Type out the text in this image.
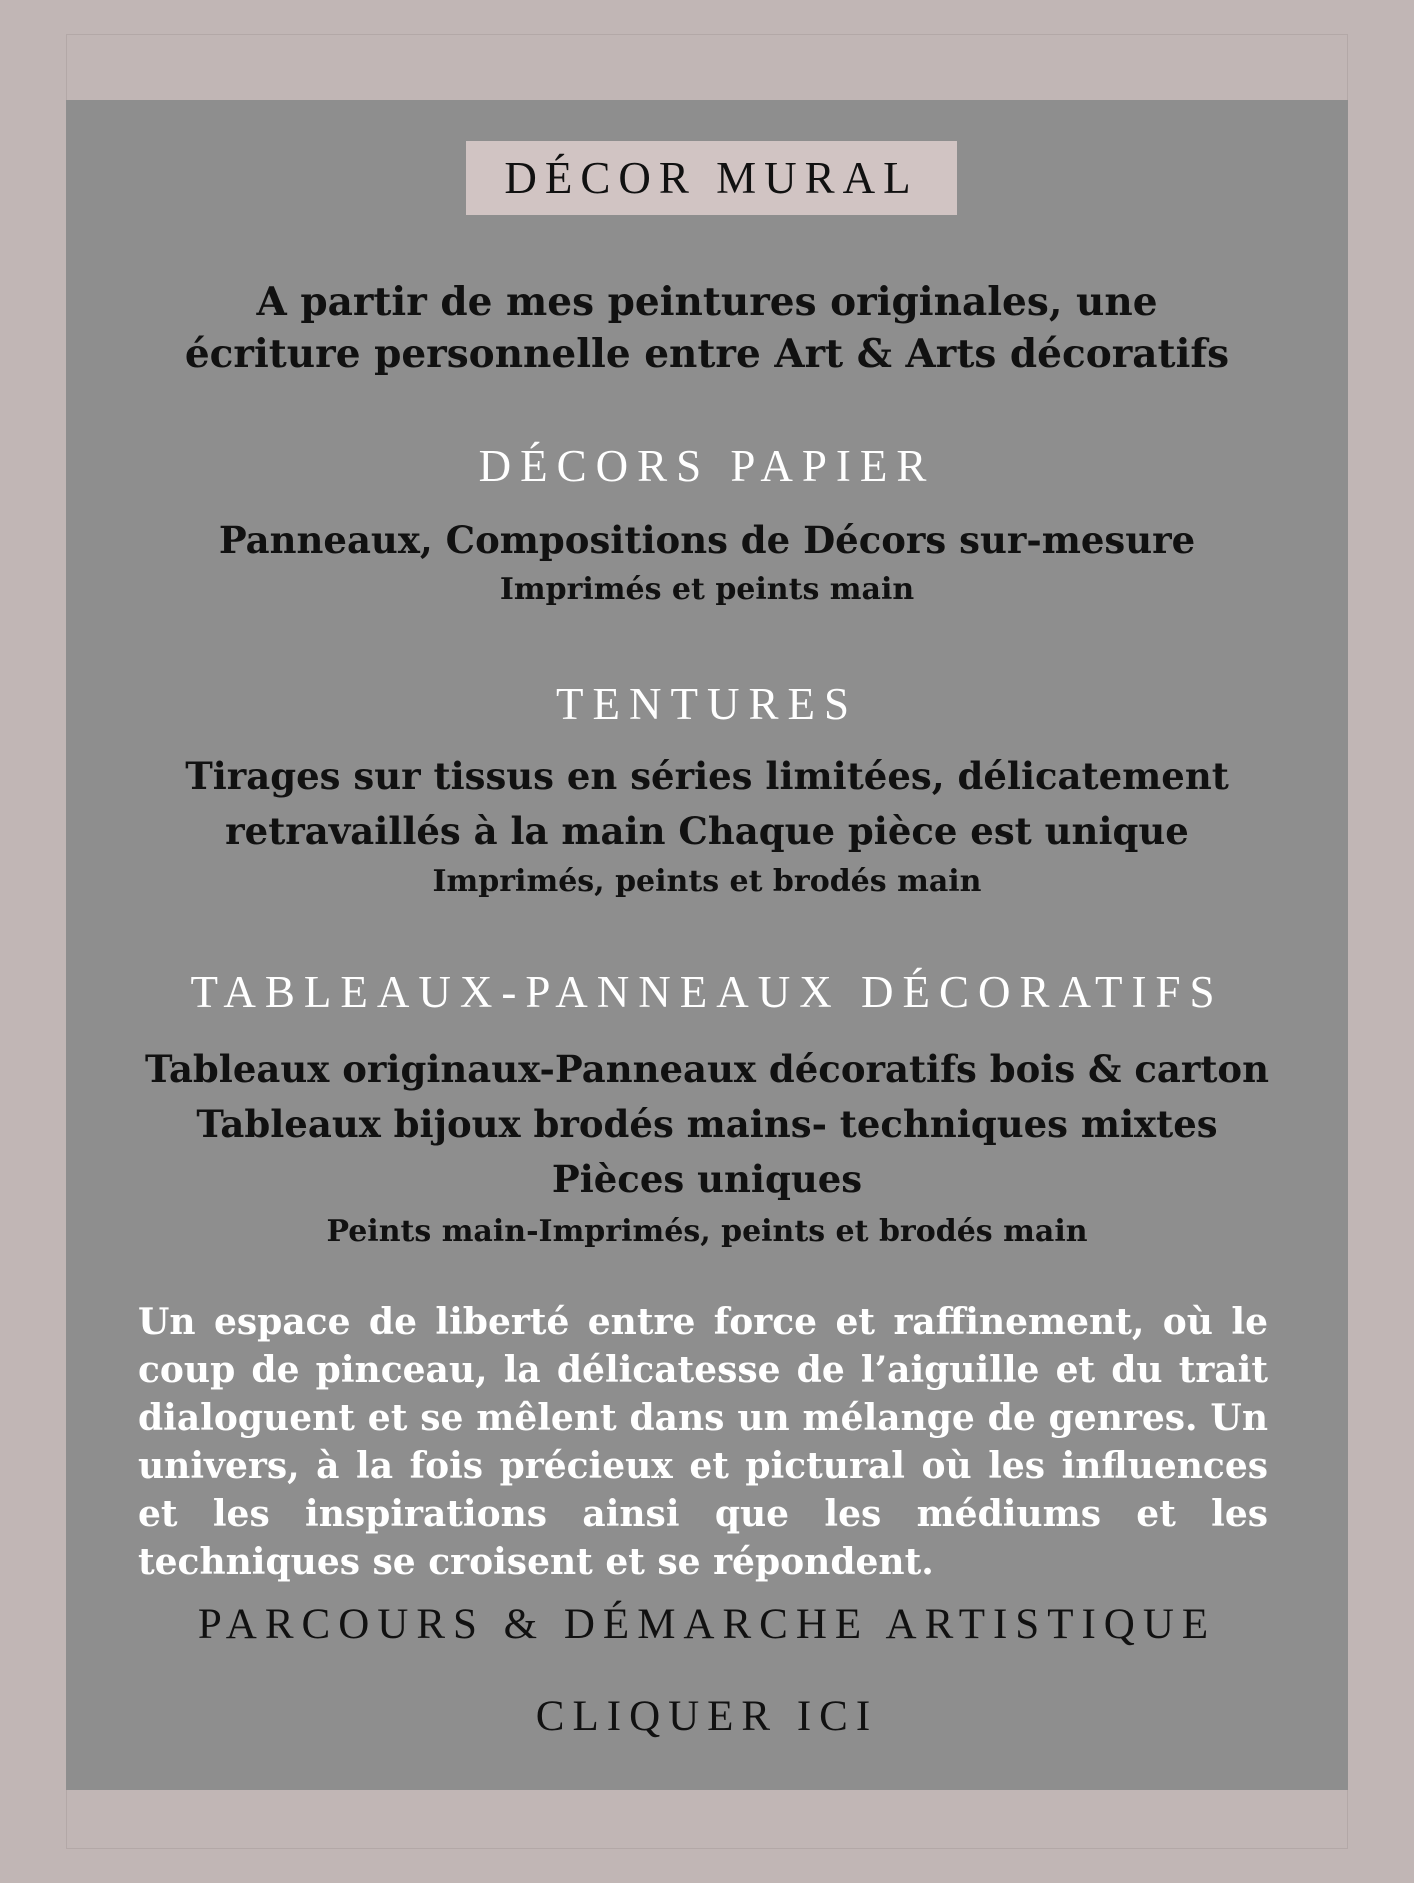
DÉCOR MURAL
A partir de mes peintures originales, une
écriture personnelle entre Art & Arts décoratifs
DÉCORS PAPIER
Panneaux, Compositions de Décors sur-mesure
Imprimés et peints main
TENTURES
Tirages sur tissus en séries limitées, délicatement
retravaillés à la main Chaque pièce est unique
Imprimés, peints et brodés main
TABLEAUX-PANNEAUX DÉCORATIFS
Tableaux originaux-Panneaux décoratifs bois & carton
Tableaux bijoux brodés mains- techniques mixtes
Pièces uniques
Peints main-Imprimés, peints et brodés main
Un espace de liberté entre force et raffinement, où le coup de pinceau, la délicatesse de l’aiguille et du trait dialoguent et se mêlent dans un mélange de genres. Un univers, à la fois précieux et pictural où les influences et les inspirations ainsi que les médiums et les techniques se croisent et se répondent.
PARCOURS & DÉMARCHE ARTISTIQUE
CLIQUER ICI
